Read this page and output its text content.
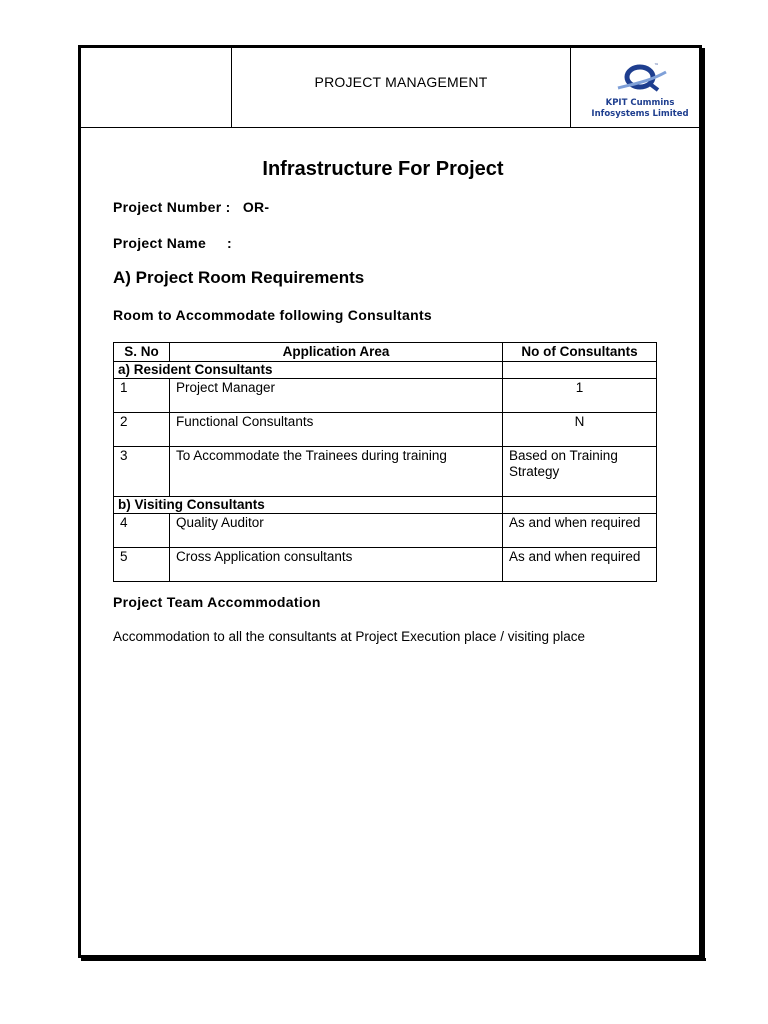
PROJECT MANAGEMENT
™
KPIT Cummins
Infosystems Limited
Infrastructure For Project
Project Number : OR-
Project Name     :
A) Project Room Requirements
Room to Accommodate following Consultants
S. No	Application Area	No of Consultants
a) Resident Consultants		
1	Project Manager	1
2	Functional Consultants	N
3	To Accommodate the Trainees during training	Based on Training Strategy
b) Visiting Consultants		
4	Quality Auditor	As and when required
5	Cross Application consultants	As and when required
Project Team Accommodation
Accommodation to all the consultants at Project Execution place / visiting place
